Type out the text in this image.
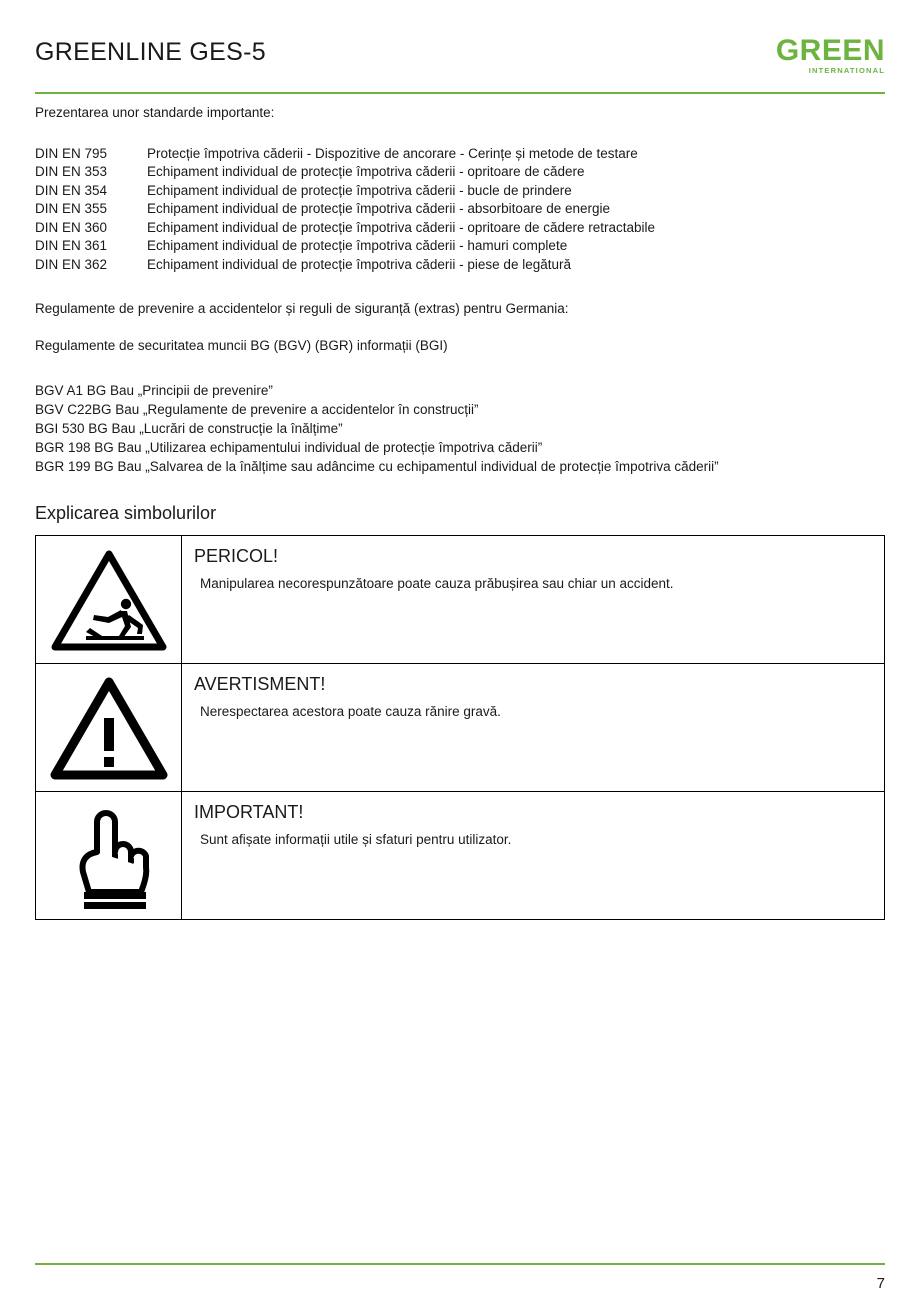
GREENLINE GES-5	GREEN
INTERNATIONAL
Prezentarea unor standarde importante:
DIN EN 795	Protecție împotriva căderii - Dispozitive de ancorare - Cerințe și metode de testare
DIN EN 353	Echipament individual de protecție împotriva căderii - opritoare de cădere
DIN EN 354	Echipament individual de protecție împotriva căderii - bucle de prindere
DIN EN 355	Echipament individual de protecție împotriva căderii - absorbitoare de energie
DIN EN 360	Echipament individual de protecție împotriva căderii - opritoare de cădere retractabile
DIN EN 361	Echipament individual de protecție împotriva căderii - hamuri complete
DIN EN 362	Echipament individual de protecție împotriva căderii - piese de legătură
Regulamente de prevenire a accidentelor și reguli de siguranță (extras) pentru Germania:
Regulamente de securitatea muncii BG (BGV) (BGR) informații (BGI)
BGV A1 BG Bau „Principii de prevenire”
BGV C22BG Bau „Regulamente de prevenire a accidentelor în construcții”
BGI 530 BG Bau „Lucrări de construcție la înălțime”
BGR 198 BG Bau „Utilizarea echipamentului individual de protecție împotriva căderii”
BGR 199 BG Bau „Salvarea de la înălțime sau adâncime cu echipamentul individual de protecție împotriva căderii”
Explicarea simbolurilor
PERICOL!
Manipularea necorespunzătoare poate cauza prăbușirea sau chiar un accident.
AVERTISMENT!
Nerespectarea acestora poate cauza rănire gravă.
IMPORTANT!
Sunt afișate informații utile și sfaturi pentru utilizator.
7
